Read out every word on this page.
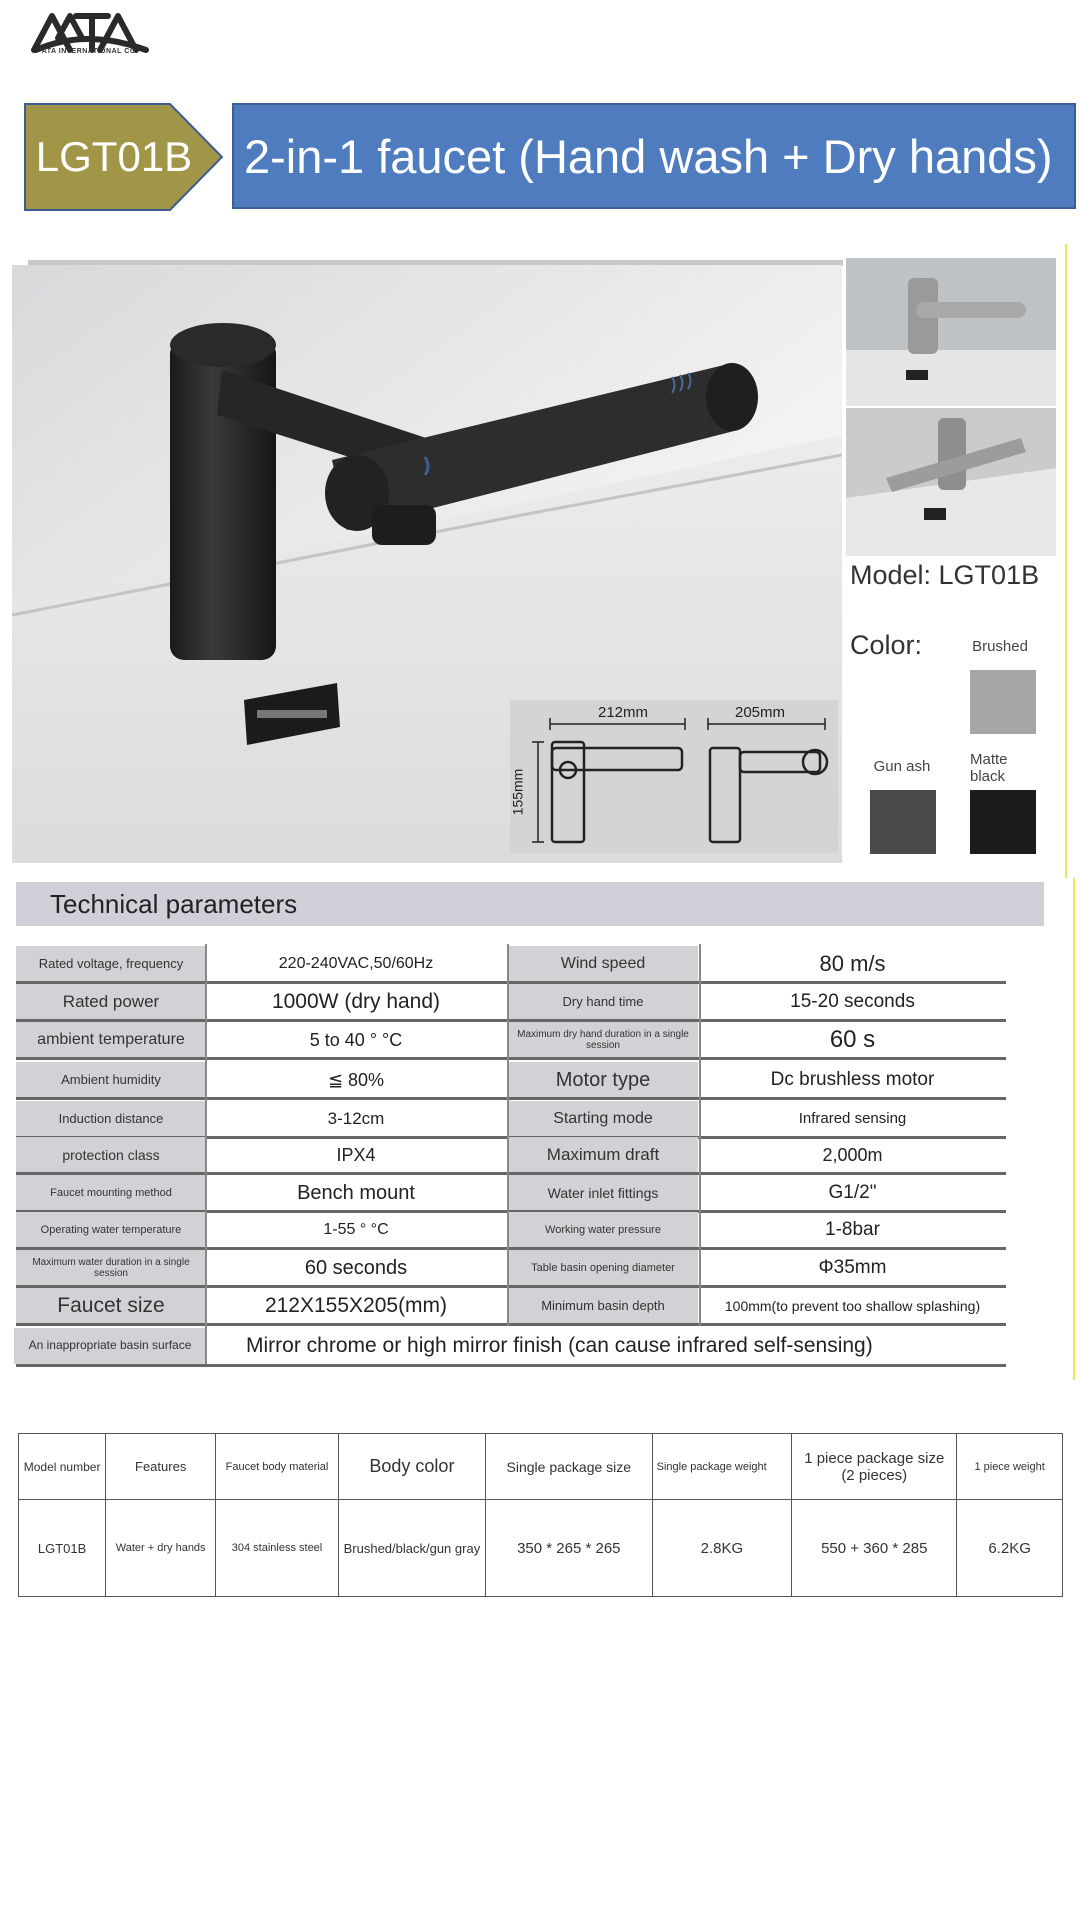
ATA INTERNATIONAL CO.
LGT01B 2-in-1 faucet (Hand wash + Dry hands)
212mm	205mm
155mm
Model: LGT01B
Color:	Brushed
Gun ash	Matte black
Technical parameters
Rated voltage, frequency	220-240VAC,50/60Hz	Wind speed	80 m/s
Rated power	1000W (dry hand)	Dry hand time	15-20 seconds
ambient temperature	5 to 40 ° °C	Maximum dry hand duration in a single session	60 s
Ambient humidity	≦ 80%	Motor type	Dc brushless motor
Induction distance	3-12cm	Starting mode	Infrared sensing
protection class	IPX4	Maximum draft	2,000m
Faucet mounting method	Bench mount	Water inlet fittings	G1/2"
Operating water temperature	1-55 ° °C	Working water pressure	1-8bar
Maximum water duration in a single session	60 seconds	Table basin opening diameter	Φ35mm
Faucet size	212X155X205(mm)	Minimum basin depth	100mm(to prevent too shallow splashing)
An inappropriate basin surface	Mirror chrome or high mirror finish (can cause infrared self-sensing)
Model number	Features	Faucet body material	Body color	Single package size	Single package weight	1 piece package size (2 pieces)	1 piece weight
LGT01B	Water + dry hands	304 stainless steel	Brushed/black/gun gray	350 * 265 * 265	2.8KG	550 + 360 * 285	6.2KG
